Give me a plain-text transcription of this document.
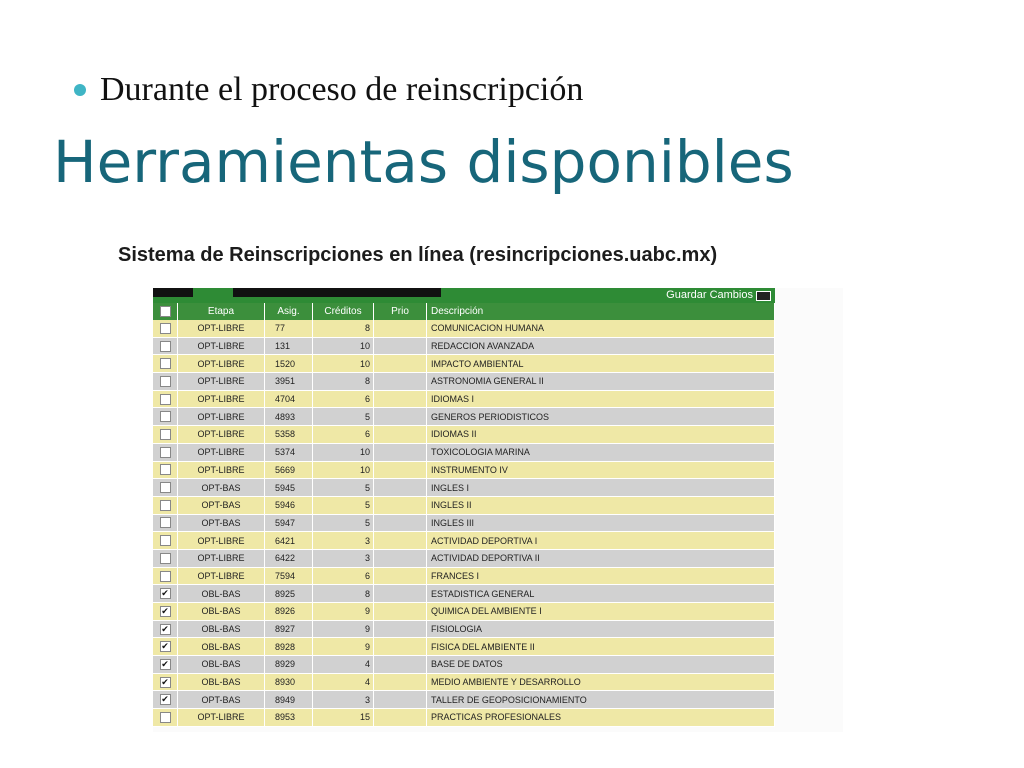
Durante el proceso de reinscripción
Herramientas disponibles
Sistema de Reinscripciones en línea (resincripciones.uabc.mx)
Guardar Cambios
	Etapa	Asig.	Créditos	Prio	Descripción
	OPT-LIBRE	77	8		COMUNICACION HUMANA
	OPT-LIBRE	131	10		REDACCION AVANZADA
	OPT-LIBRE	1520	10		IMPACTO AMBIENTAL
	OPT-LIBRE	3951	8		ASTRONOMIA GENERAL II
	OPT-LIBRE	4704	6		IDIOMAS I
	OPT-LIBRE	4893	5		GENEROS PERIODISTICOS
	OPT-LIBRE	5358	6		IDIOMAS II
	OPT-LIBRE	5374	10		TOXICOLOGIA MARINA
	OPT-LIBRE	5669	10		INSTRUMENTO IV
	OPT-BAS	5945	5		INGLES I
	OPT-BAS	5946	5		INGLES II
	OPT-BAS	5947	5		INGLES III
	OPT-LIBRE	6421	3		ACTIVIDAD DEPORTIVA I
	OPT-LIBRE	6422	3		ACTIVIDAD DEPORTIVA II
	OPT-LIBRE	7594	6		FRANCES I
✔	OBL-BAS	8925	8		ESTADISTICA GENERAL
✔	OBL-BAS	8926	9		QUIMICA DEL AMBIENTE I
✔	OBL-BAS	8927	9		FISIOLOGIA
✔	OBL-BAS	8928	9		FISICA DEL AMBIENTE II
✔	OBL-BAS	8929	4		BASE DE DATOS
✔	OBL-BAS	8930	4		MEDIO AMBIENTE Y DESARROLLO
✔	OPT-BAS	8949	3		TALLER DE GEOPOSICIONAMIENTO
	OPT-LIBRE	8953	15		PRACTICAS PROFESIONALES
